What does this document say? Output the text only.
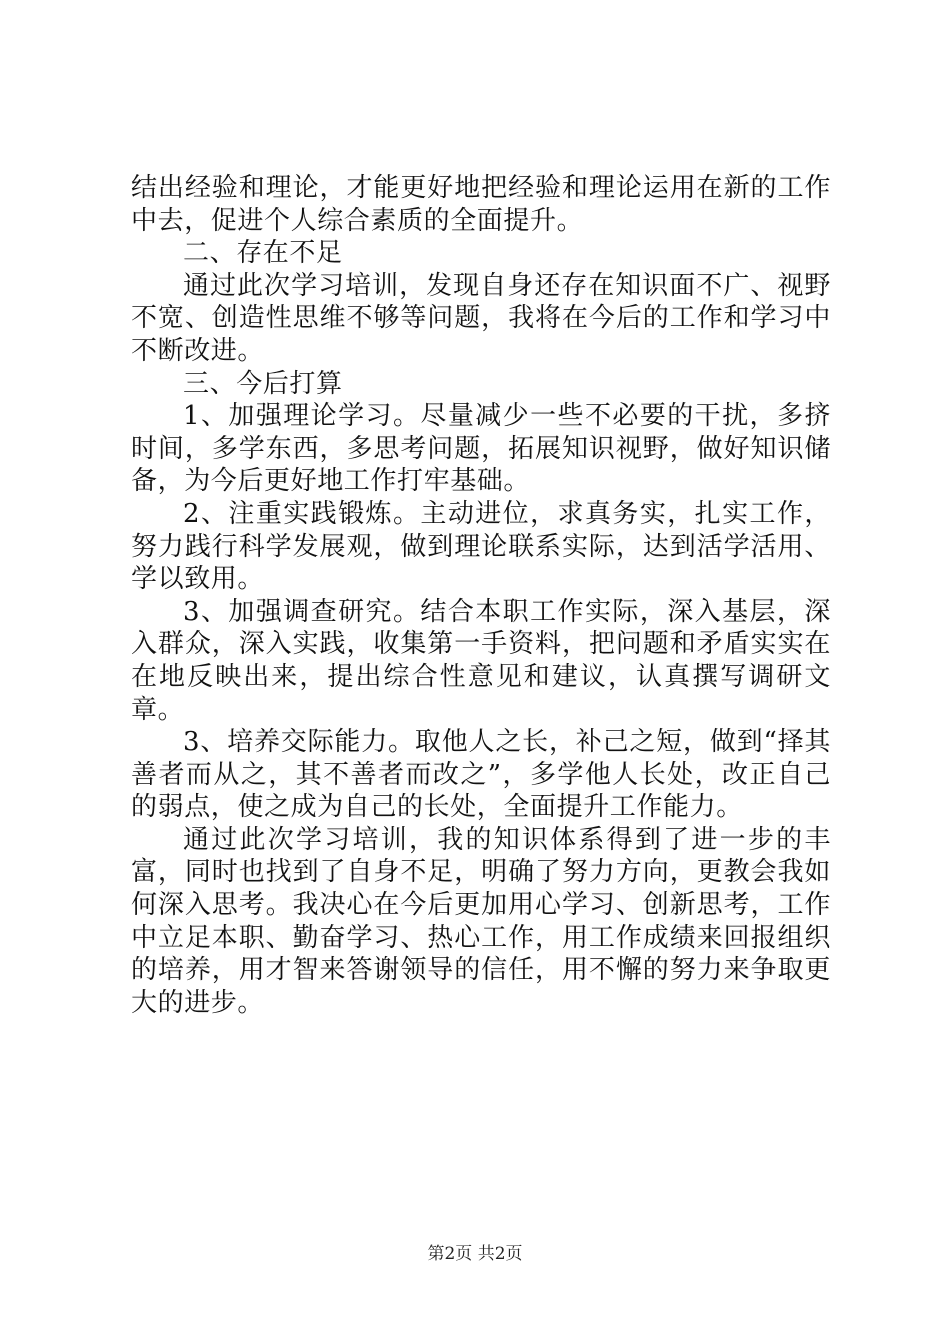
结出经验和理论，才能更好地把经验和理论运用在新的工作中去，促进个人综合素质的全面提升。

二、存在不足

通过此次学习培训，发现自身还存在知识面不广、视野不宽、创造性思维不够等问题，我将在今后的工作和学习中不断改进。

三、今后打算

1、加强理论学习。尽量减少一些不必要的干扰，多挤时间，多学东西，多思考问题，拓展知识视野，做好知识储备，为今后更好地工作打牢基础。

2、注重实践锻炼。主动进位，求真务实，扎实工作，努力践行科学发展观，做到理论联系实际，达到活学活用、学以致用。

3、加强调查研究。结合本职工作实际，深入基层，深入群众，深入实践，收集第一手资料，把问题和矛盾实实在在地反映出来，提出综合性意见和建议，认真撰写调研文章。

3、培养交际能力。取他人之长，补己之短，做到“择其善者而从之，其不善者而改之”，多学他人长处，改正自己的弱点，使之成为自己的长处，全面提升工作能力。

通过此次学习培训，我的知识体系得到了进一步的丰富，同时也找到了自身不足，明确了努力方向，更教会我如何深入思考。我决心在今后更加用心学习、创新思考，工作中立足本职、勤奋学习、热心工作，用工作成绩来回报组织的培养，用才智来答谢领导的信任，用不懈的努力来争取更大的进步。

第2页 共2页
